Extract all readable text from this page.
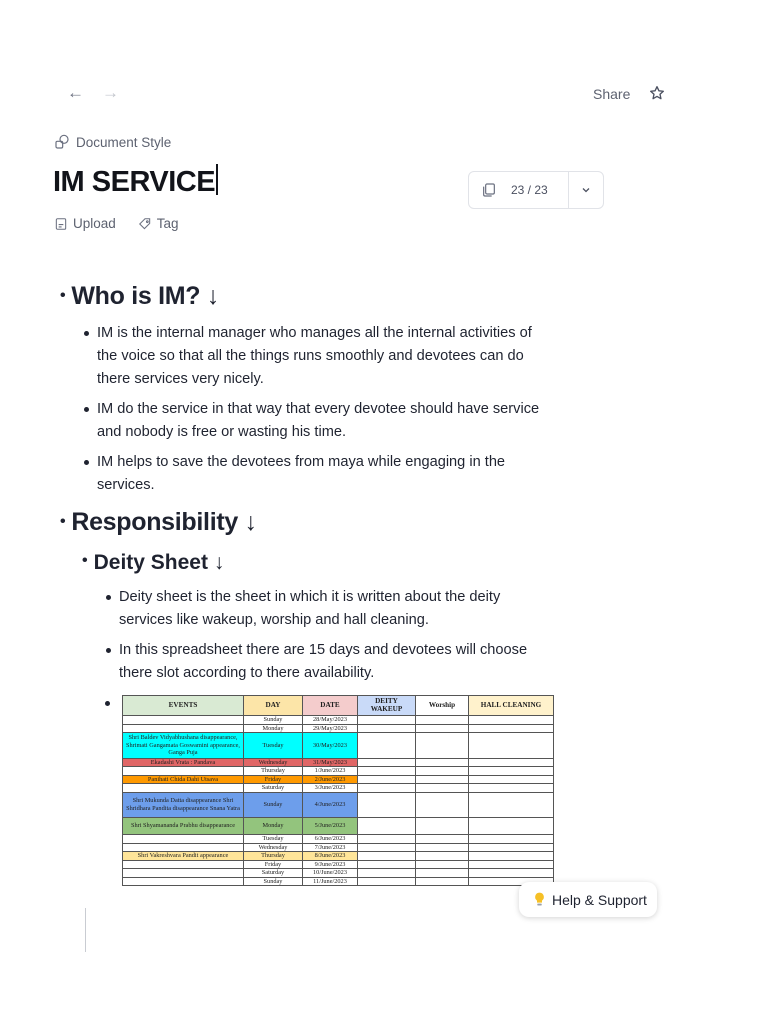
← →	Share
Document Style
IM SERVICE	23 / 23
Upload	Tag
• Who is IM? ↓
IM is the internal manager who manages all the internal activities of
the voice so that all the things runs smoothly and devotees can do
there services very nicely.
IM do the service in that way that every devotee should have service
and nobody is free or wasting his time.
IM helps to save the devotees from maya while engaging in the
services.
• Responsibility ↓
• Deity Sheet ↓
Deity sheet is the sheet in which it is written about the deity
services like wakeup, worship and hall cleaning.
In this spreadsheet there are 15 days and devotees will choose
there slot according to there availability.
EVENTS	DAY	DATE	DEITY WAKEUP	Worship	HALL CLEANING
	Sunday	28/May/2023			
	Monday	29/May/2023			
Shri Baldev Vidyabhushana disappearance, Shrimati Gangamata Goswamini appearance, Ganga Puja	Tuesday	30/May/2023			
Ekadashi Vrata : Pandava	Wednesday	31/May/2023			
	Thursday	1/June/2023			
Panihati Chida Dahi Utsava	Friday	2/June/2023			
	Saturday	3/June/2023			
Shri Mukunda Datta disappearance Shri Shridhara Pandita disappearance Snana Yatra	Sunday	4/June/2023			
Shri Shyamananda Prabhu disappearance	Monday	5/June/2023			
	Tuesday	6/June/2023			
	Wednesday	7/June/2023			
Shri Vakreshvara Pandit appearance	Thursday	8/June/2023			
	Friday	9/June/2023			
	Saturday	10/June/2023			
	Sunday	11/June/2023			
Help & Support
